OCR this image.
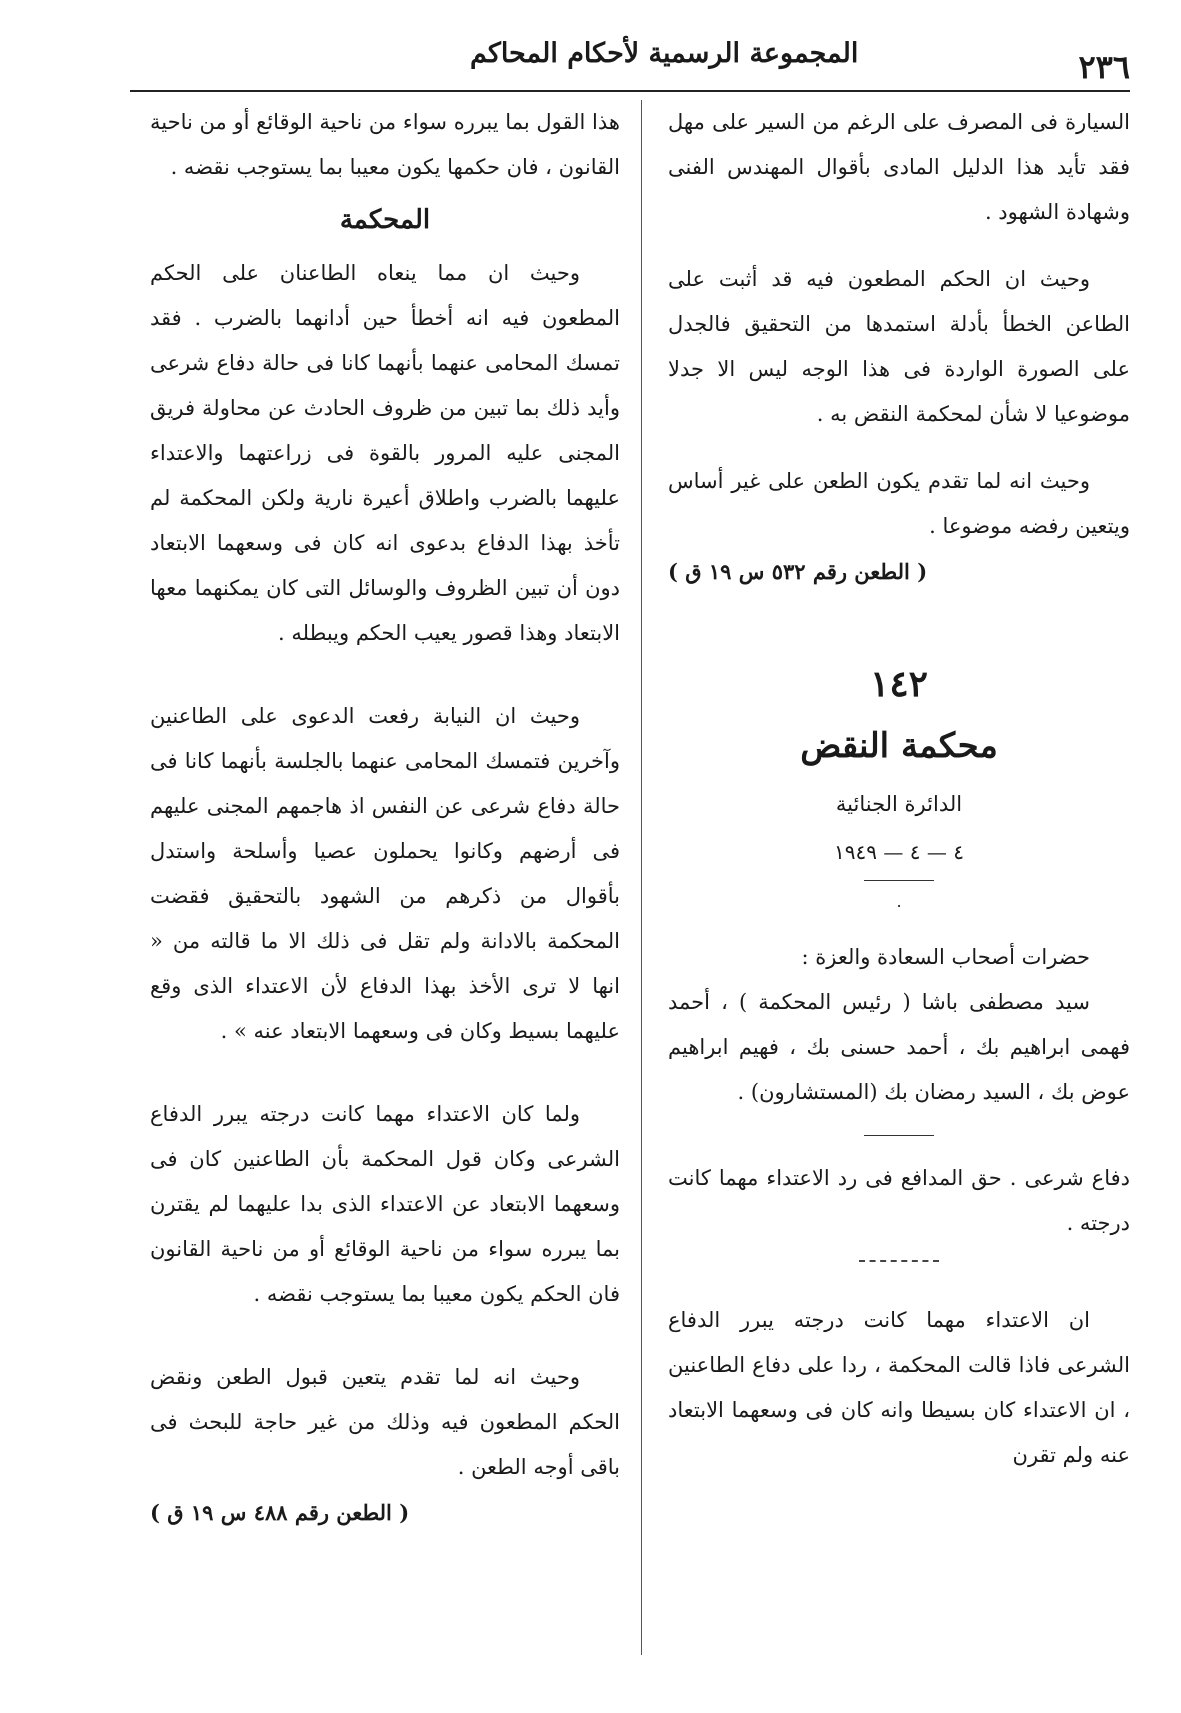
٢٣٦
المجموعة الرسمية لأحكام المحاكم

السيارة فى المصرف على الرغم من السير على مهل فقد تأيد هذا الدليل المادى بأقوال المهندس الفنى وشهادة الشهود .

وحيث ان الحكم المطعون فيه قد أثبت على الطاعن الخطأ بأدلة استمدها من التحقيق فالجدل على الصورة الواردة فى هذا الوجه ليس الا جدلا موضوعيا لا شأن لمحكمة النقض به .

وحيث انه لما تقدم يكون الطعن على غير أساس ويتعين رفضه موضوعا .

( الطعن رقم ٥٣٢ س ١٩ ق )

١٤٢
محكمة النقض
الدائرة الجنائية
٤ — ٤ — ١٩٤٩
.

حضرات أصحاب السعادة والعزة :

سيد مصطفى باشا ( رئيس المحكمة ) ، أحمد فهمى ابراهيم بك ، أحمد حسنى بك ، فهيم ابراهيم عوض بك ، السيد رمضان بك (المستشارون) .

دفاع شرعى . حق المدافع فى رد الاعتداء مهما كانت درجته .

ان الاعتداء مهما كانت درجته يبرر الدفاع الشرعى فاذا قالت المحكمة ، ردا على دفاع الطاعنين ، ان الاعتداء كان بسيطا وانه كان فى وسعهما الابتعاد عنه ولم تقرن

هذا القول بما يبرره سواء من ناحية الوقائع أو من ناحية القانون ، فان حكمها يكون معيبا بما يستوجب نقضه .

المحكمة

وحيث ان مما ينعاه الطاعنان على الحكم المطعون فيه انه أخطأ حين أدانهما بالضرب . فقد تمسك المحامى عنهما بأنهما كانا فى حالة دفاع شرعى وأيد ذلك بما تبين من ظروف الحادث عن محاولة فريق المجنى عليه المرور بالقوة فى زراعتهما والاعتداء عليهما بالضرب واطلاق أعيرة نارية ولكن المحكمة لم تأخذ بهذا الدفاع بدعوى انه كان فى وسعهما الابتعاد دون أن تبين الظروف والوسائل التى كان يمكنهما معها الابتعاد وهذا قصور يعيب الحكم ويبطله .

وحيث ان النيابة رفعت الدعوى على الطاعنين وآخرين فتمسك المحامى عنهما بالجلسة بأنهما كانا فى حالة دفاع شرعى عن النفس اذ هاجمهم المجنى عليهم فى أرضهم وكانوا يحملون عصيا وأسلحة واستدل بأقوال من ذكرهم من الشهود بالتحقيق فقضت المحكمة بالادانة ولم تقل فى ذلك الا ما قالته من « انها لا ترى الأخذ بهذا الدفاع لأن الاعتداء الذى وقع عليهما بسيط وكان فى وسعهما الابتعاد عنه » .

ولما كان الاعتداء مهما كانت درجته يبرر الدفاع الشرعى وكان قول المحكمة بأن الطاعنين كان فى وسعهما الابتعاد عن الاعتداء الذى بدا عليهما لم يقترن بما يبرره سواء من ناحية الوقائع أو من ناحية القانون فان الحكم يكون معيبا بما يستوجب نقضه .

وحيث انه لما تقدم يتعين قبول الطعن ونقض الحكم المطعون فيه وذلك من غير حاجة للبحث فى باقى أوجه الطعن .

( الطعن رقم ٤٨٨ س ١٩ ق )
